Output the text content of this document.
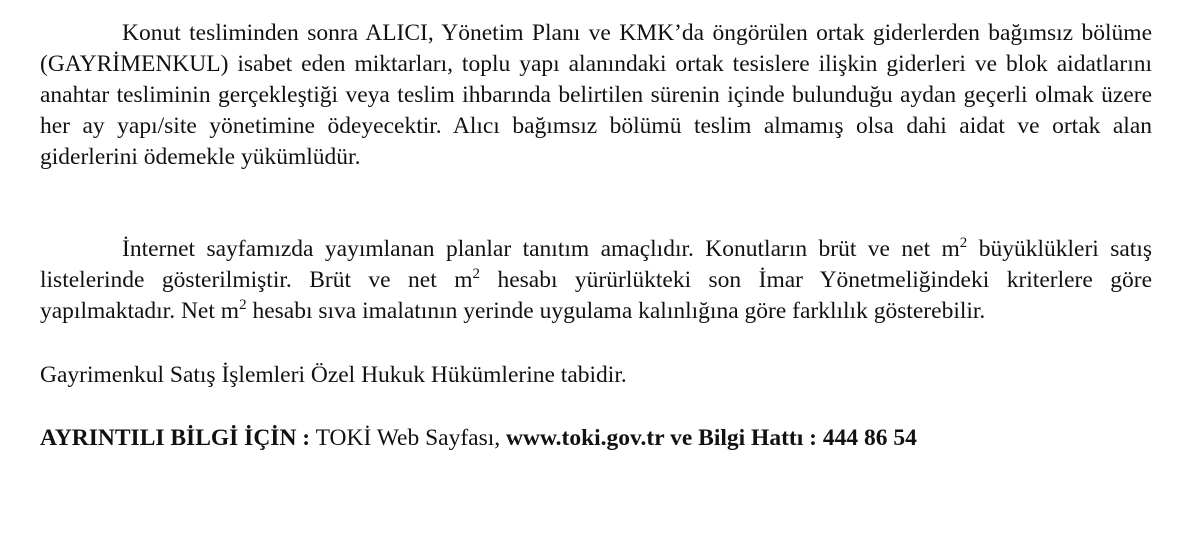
Konut tesliminden sonra ALICI, Yönetim Planı ve KMK’da öngörülen ortak giderlerden bağımsız bölüme (GAYRİMENKUL) isabet eden miktarları, toplu yapı alanındaki ortak tesislere ilişkin giderleri ve blok aidatlarını anahtar tesliminin gerçekleştiği veya teslim ihbarında belirtilen sürenin içinde bulunduğu aydan geçerli olmak üzere her ay yapı/site yönetimine ödeyecektir. Alıcı bağımsız bölümü teslim almamış olsa dahi aidat ve ortak alan giderlerini ödemekle yükümlüdür.

İnternet sayfamızda yayımlanan planlar tanıtım amaçlıdır. Konutların brüt ve net $m^2$ büyüklükleri satış listelerinde gösterilmiştir. Brüt ve net $m^2$ hesabı yürürlükteki son İmar Yönetmeliğindeki kriterlere göre yapılmaktadır. Net $m^2$ hesabı sıva imalatının yerinde uygulama kalınlığına göre farklılık gösterebilir.

Gayrimenkul Satış İşlemleri Özel Hukuk Hükümlerine tabidir.

AYRINTILI BİLGİ İÇİN : TOKİ Web Sayfası, www.toki.gov.tr ve Bilgi Hattı : 444 86 54
